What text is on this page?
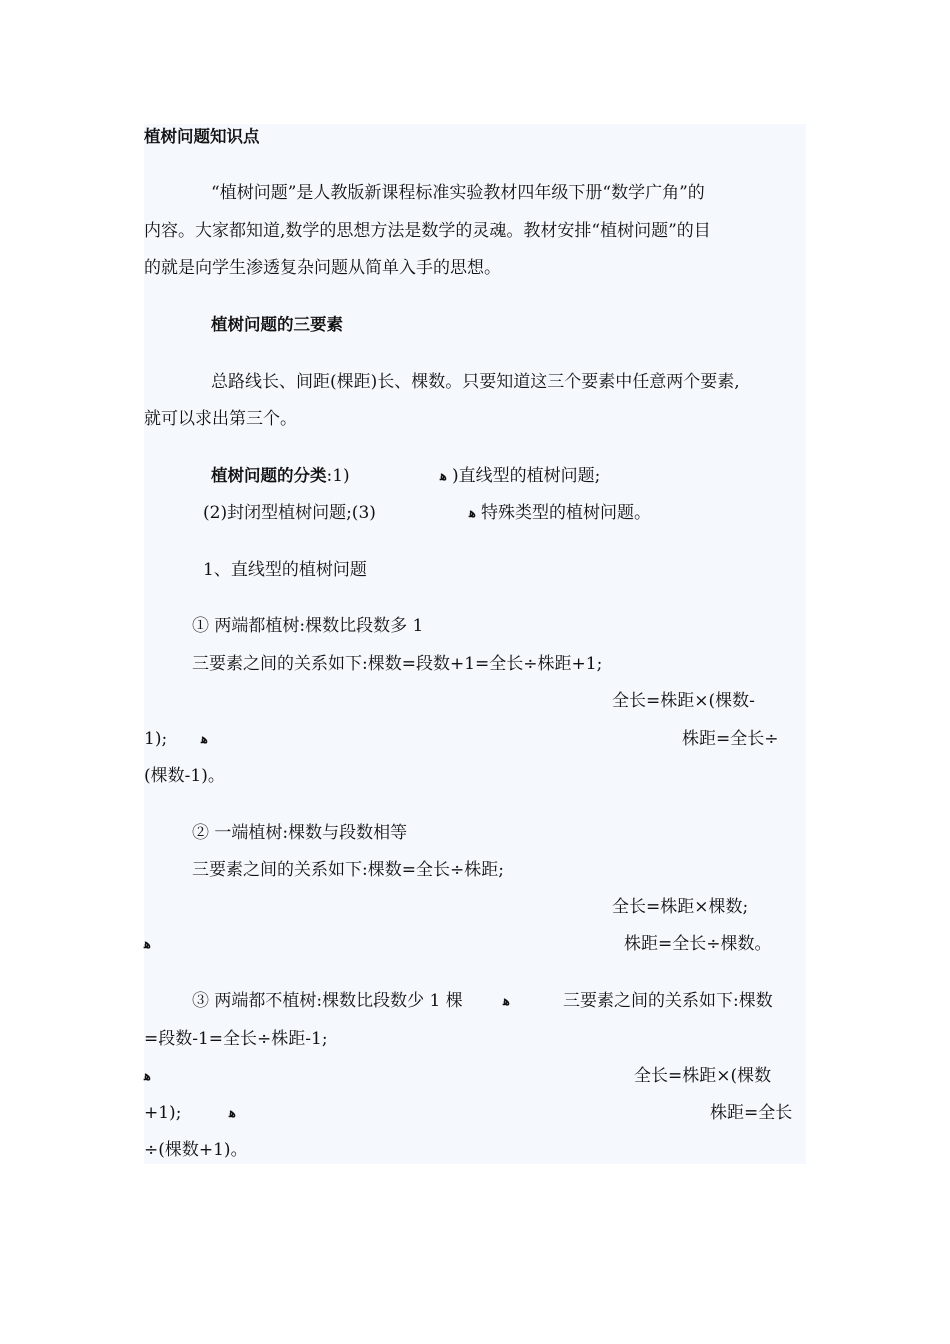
植树问题知识点

“植树问题”是人教版新课程标准实验教材四年级下册“数学广角”的

内容。大家都知道,数学的思想方法是数学的灵魂。教材安排“植树问题”的目

的就是向学生渗透复杂问题从简单入手的思想。

植树问题的三要素

总路线长、间距(棵距)长、棵数。只要知道这三个要素中任意两个要素,

就可以求出第三个。

植树问题的分类:1)	ﻫ )直线型的植树问题;

(2)封闭型植树问题;(3)	ﻫ 特殊类型的植树问题。

1、直线型的植树问题

① 两端都植树:棵数比段数多 1

三要素之间的关系如下:棵数=段数+1=全长÷株距+1;

全长=株距×(棵数-

1);	ﻫ	株距=全长÷

(棵数-1)。

② 一端植树:棵数与段数相等

三要素之间的关系如下:棵数=全长÷株距;

全长=株距×棵数;

ﻫ	株距=全长÷棵数。

③ 两端都不植树:棵数比段数少 1 棵	ﻫ	三要素之间的关系如下:棵数

=段数-1=全长÷株距-1;

ﻫ	全长=株距×(棵数

+1);	ﻫ	株距=全长

÷(棵数+1)。
